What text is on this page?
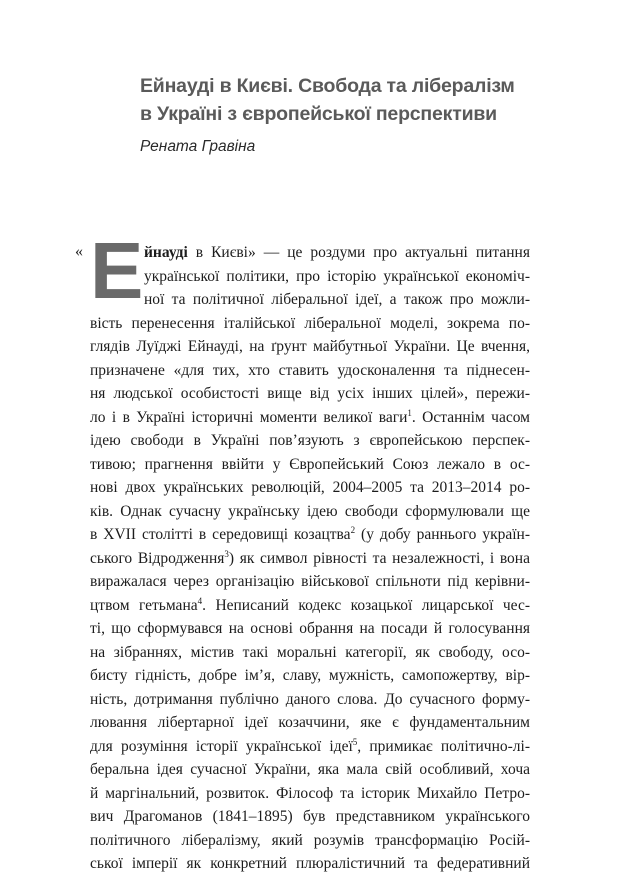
Ейнауді в Києві. Свобода та лібералізм
в Україні з європейської перспективи
Рената Гравіна
« Е йнауді в Києві» — це роздуми про актуальні питання
української політики, про історію української економіч-
ної та політичної ліберальної ідеї, а також про можли-
вість перенесення італійської ліберальної моделі, зокрема по-
глядів Луїджі Ейнауді, на ґрунт майбутньої України. Це вчення,
призначене «для тих, хто ставить удосконалення та піднесен-
ня людської особистості вище від усіх інших цілей», пережи-
ло і в Україні історичні моменти великої ваги$^1$. Останнім часом
ідею свободи в Україні пов’язують з європейською перспек-
тивою; прагнення ввійти у Європейський Союз лежало в ос-
нові двох українських революцій, 2004–2005 та 2013–2014 ро-
ків. Однак сучасну українську ідею свободи сформулювали ще
в XVII столітті в середовищі козацтва$^2$ (у добу раннього україн-
ського Відродження$^3$) як символ рівності та незалежності, і вона
виражалася через організацію військової спільноти під керівни-
цтвом гетьмана$^4$. Неписаний кодекс козацької лицарської чес-
ті, що сформувався на основі обрання на посади й голосування
на зібраннях, містив такі моральні категорії, як свободу, осо-
бисту гідність, добре ім’я, славу, мужність, самопожертву, вір-
ність, дотримання публічно даного слова. До сучасного форму-
лювання лібертарної ідеї козаччини, яке є фундаментальним
для розуміння історії української ідеї$^5$, примикає політично-лі-
беральна ідея сучасної України, яка мала свій особливий, хоча
й маргінальний, розвиток. Філософ та історик Михайло Петро-
вич Драгоманов (1841–1895) був представником українського
політичного лібералізму, який розумів трансформацію Росій-
ської імперії як конкретний плюралістичний та федеративний
